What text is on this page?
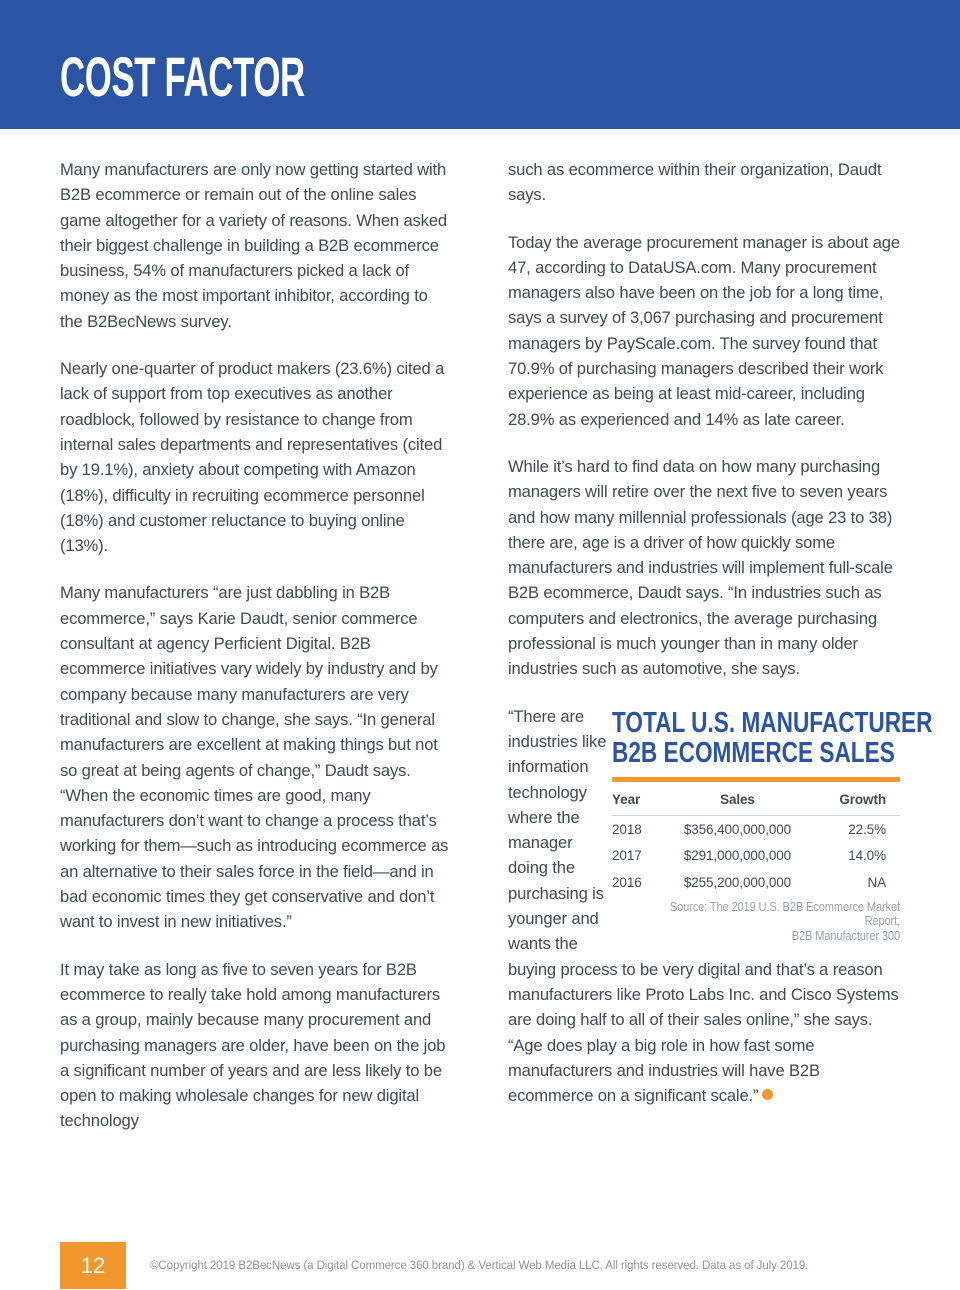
COST FACTOR

Many manufacturers are only now getting started with B2B ecommerce or remain out of the online sales game altogether for a variety of reasons. When asked their biggest challenge in building a B2B ecommerce business, 54% of manufacturers picked a lack of money as the most important inhibitor, according to the B2BecNews survey.

Nearly one-quarter of product makers (23.6%) cited a lack of support from top executives as another roadblock, followed by resistance to change from internal sales departments and representatives (cited by 19.1%), anxiety about competing with Amazon (18%), difficulty in recruiting ecommerce personnel (18%) and customer reluctance to buying online (13%).

Many manufacturers “are just dabbling in B2B ecommerce,” says Karie Daudt, senior commerce consultant at agency Perficient Digital. B2B ecommerce initiatives vary widely by industry and by company because many manufacturers are very traditional and slow to change, she says. “In general manufacturers are excellent at making things but not so great at being agents of change,” Daudt says. “When the economic times are good, many manufacturers don’t want to change a process that’s working for them—such as introducing ecommerce as an alternative to their sales force in the field—and in bad economic times they get conservative and don’t want to invest in new initiatives.”

It may take as long as five to seven years for B2B ecommerce to really take hold among manufacturers as a group, mainly because many procurement and purchasing managers are older, have been on the job a significant number of years and are less likely to be open to making wholesale changes for new digital technology

such as ecommerce within their organization, Daudt says.

Today the average procurement manager is about age 47, according to DataUSA.com. Many procurement managers also have been on the job for a long time, says a survey of 3,067 purchasing and procurement managers by PayScale.com. The survey found that 70.9% of purchasing managers described their work experience as being at least mid-career, including 28.9% as experienced and 14% as late career.

While it’s hard to find data on how many purchasing managers will retire over the next five to seven years and how many millennial professionals (age 23 to 38) there are, age is a driver of how quickly some manufacturers and industries will implement full-scale B2B ecommerce, Daudt says. “In industries such as computers and electronics, the average purchasing professional is much younger than in many older industries such as automotive, she says.

TOTAL U.S. MANUFACTURER
B2B ECOMMERCE SALES
Year	Sales	Growth
2018	$356,400,000,000	22.5%
2017	$291,000,000,000	14.0%
2016	$255,200,000,000	NA
Source: The 2019 U.S. B2B Ecommerce Market Report,
B2B Manufacturer 300

“There are industries like information technology where the manager doing the purchasing is younger and wants the buying process to be very digital and that’s a reason manufacturers like Proto Labs Inc. and Cisco Systems are doing half to all of their sales online,” she says. “Age does play a big role in how fast some manufacturers and industries will have B2B ecommerce on a significant scale.”

12	©Copyright 2019 B2BecNews (a Digital Commerce 360 brand) & Vertical Web Media LLC. All rights reserved. Data as of July 2019.
